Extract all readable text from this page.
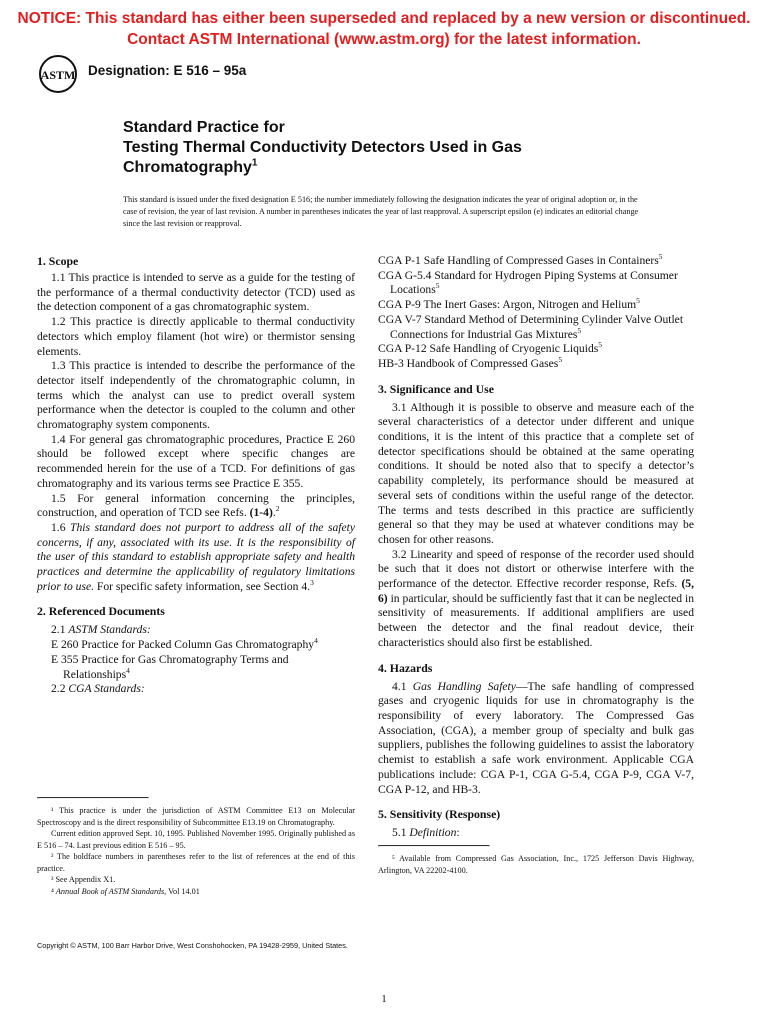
NOTICE: This standard has either been superseded and replaced by a new version or discontinued.
Contact ASTM International (www.astm.org) for the latest information.
ASTM Designation: E 516 – 95a
Standard Practice for
Testing Thermal Conductivity Detectors Used in Gas
Chromatography$^1$
This standard is issued under the fixed designation E 516; the number immediately following the designation indicates the year of original adoption or, in the case of revision, the year of last revision. A number in parentheses indicates the year of last reapproval. A superscript epsilon (e) indicates an editorial change since the last revision or reapproval.
1. Scope

1.1 This practice is intended to serve as a guide for the testing of the performance of a thermal conductivity detector (TCD) used as the detection component of a gas chromatographic system.

1.2 This practice is directly applicable to thermal conductivity detectors which employ filament (hot wire) or thermistor sensing elements.

1.3 This practice is intended to describe the performance of the detector itself independently of the chromatographic column, in terms which the analyst can use to predict overall system performance when the detector is coupled to the column and other chromatography system components.

1.4 For general gas chromatographic procedures, Practice E 260 should be followed except where specific changes are recommended herein for the use of a TCD. For definitions of gas chromatography and its various terms see Practice E 355.

1.5 For general information concerning the principles, construction, and operation of TCD see Refs. (1-4).$^2$

1.6 This standard does not purport to address all of the safety concerns, if any, associated with its use. It is the responsibility of the user of this standard to establish appropriate safety and health practices and determine the applicability of regulatory limitations prior to use. For specific safety information, see Section 4.$^3$

2. Referenced Documents

2.1 ASTM Standards:

E 260 Practice for Packed Column Gas Chromatography$^4$

E 355 Practice for Gas Chromatography Terms and Relationships$^4$

2.2 CGA Standards:

¹ This practice is under the jurisdiction of ASTM Committee E13 on Molecular Spectroscopy and is the direct responsibility of Subcommittee E13.19 on Chromatography.

Current edition approved Sept. 10, 1995. Published November 1995. Originally published as E 516 – 74. Last previous edition E 516 – 95.

² The boldface numbers in parentheses refer to the list of references at the end of this practice.

³ See Appendix X1.

⁴ Annual Book of ASTM Standards, Vol 14.01

CGA P-1 Safe Handling of Compressed Gases in Containers$^5$

CGA G-5.4 Standard for Hydrogen Piping Systems at Consumer Locations$^5$

CGA P-9 The Inert Gases: Argon, Nitrogen and Helium$^5$

CGA V-7 Standard Method of Determining Cylinder Valve Outlet Connections for Industrial Gas Mixtures$^5$

CGA P-12 Safe Handling of Cryogenic Liquids$^5$

HB-3 Handbook of Compressed Gases$^5$

3. Significance and Use

3.1 Although it is possible to observe and measure each of the several characteristics of a detector under different and unique conditions, it is the intent of this practice that a complete set of detector specifications should be obtained at the same operating conditions. It should be noted also that to specify a detector’s capability completely, its performance should be measured at several sets of conditions within the useful range of the detector. The terms and tests described in this practice are sufficiently general so that they may be used at whatever conditions may be chosen for other reasons.

3.2 Linearity and speed of response of the recorder used should be such that it does not distort or otherwise interfere with the performance of the detector. Effective recorder response, Refs. (5, 6) in particular, should be sufficiently fast that it can be neglected in sensitivity of measurements. If additional amplifiers are used between the detector and the final readout device, their characteristics should also first be established.

4. Hazards

4.1 Gas Handling Safety—The safe handling of compressed gases and cryogenic liquids for use in chromatography is the responsibility of every laboratory. The Compressed Gas Association, (CGA), a member group of specialty and bulk gas suppliers, publishes the following guidelines to assist the laboratory chemist to establish a safe work environment. Applicable CGA publications include: CGA P-1, CGA G-5.4, CGA P-9, CGA V-7, CGA P-12, and HB-3.

5. Sensitivity (Response)

5.1 Definition:

⁵ Available from Compressed Gas Association, Inc., 1725 Jefferson Davis Highway, Arlington, VA 22202-4100.

Copyright © ASTM, 100 Barr Harbor Drive, West Conshohocken, PA 19428-2959, United States.
1
